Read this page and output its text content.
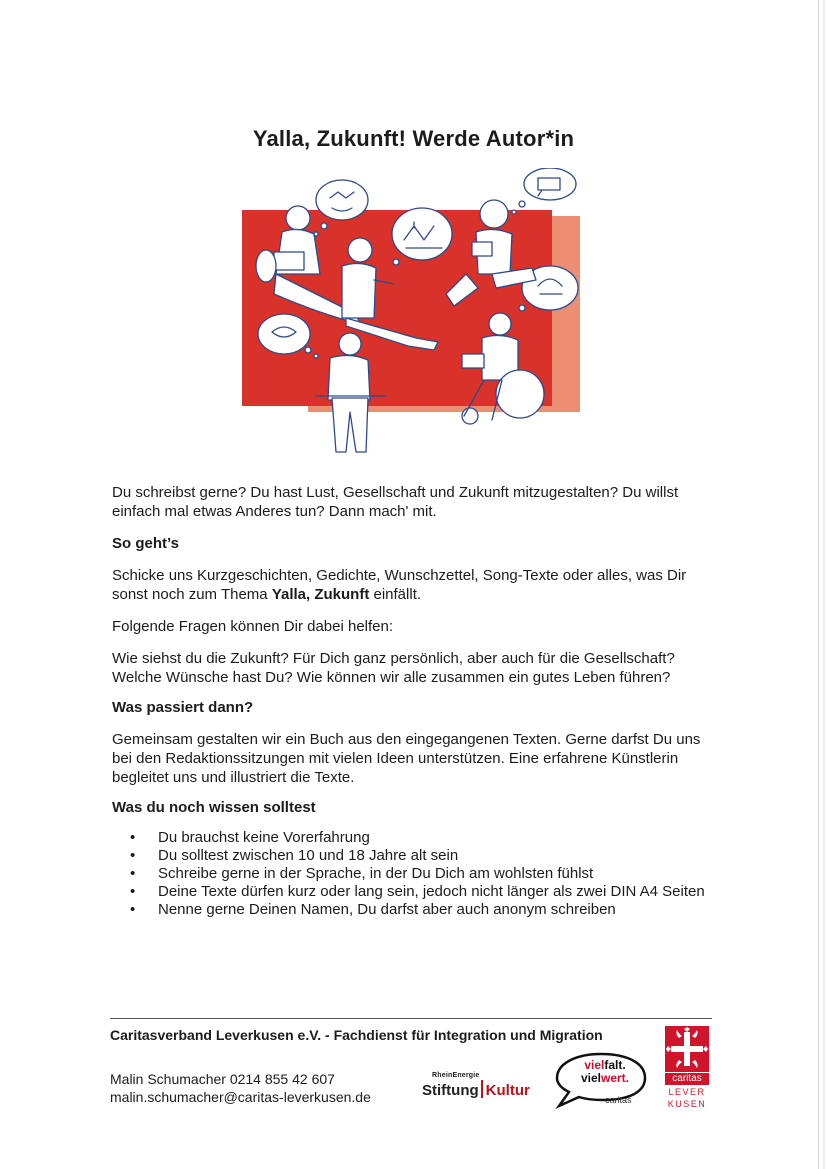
Yalla, Zukunft! Werde Autor*in

Du schreibst gerne? Du hast Lust, Gesellschaft und Zukunft mitzugestalten? Du willst einfach mal etwas Anderes tun? Dann mach' mit.

So geht’s

Schicke uns Kurzgeschichten, Gedichte, Wunschzettel, Song-Texte oder alles, was Dir sonst noch zum Thema Yalla, Zukunft einfällt.

Folgende Fragen können Dir dabei helfen:

Wie siehst du die Zukunft? Für Dich ganz persönlich, aber auch für die Gesellschaft? Welche Wünsche hast Du? Wie können wir alle zusammen ein gutes Leben führen?

Was passiert dann?

Gemeinsam gestalten wir ein Buch aus den eingegangenen Texten. Gerne darfst Du uns bei den Redaktionssitzungen mit vielen Ideen unterstützen. Eine erfahrene Künstlerin begleitet uns und illustriert die Texte.

Was du noch wissen solltest

• Du brauchst keine Vorerfahrung
• Du solltest zwischen 10 und 18 Jahre alt sein
• Schreibe gerne in der Sprache, in der Du Dich am wohlsten fühlst
• Deine Texte dürfen kurz oder lang sein, jedoch nicht länger als zwei DIN A4 Seiten
• Nenne gerne Deinen Namen, Du darfst aber auch anonym schreiben
Caritasverband Leverkusen e.V. - Fachdienst für Integration und Migration
Malin Schumacher 0214 855 42 607
malin.schumacher@caritas-leverkusen.de
RheinEnergie
Stiftung Kultur
vielfalt.
vielwert.
caritas
caritas
LEVER
KUSEN
